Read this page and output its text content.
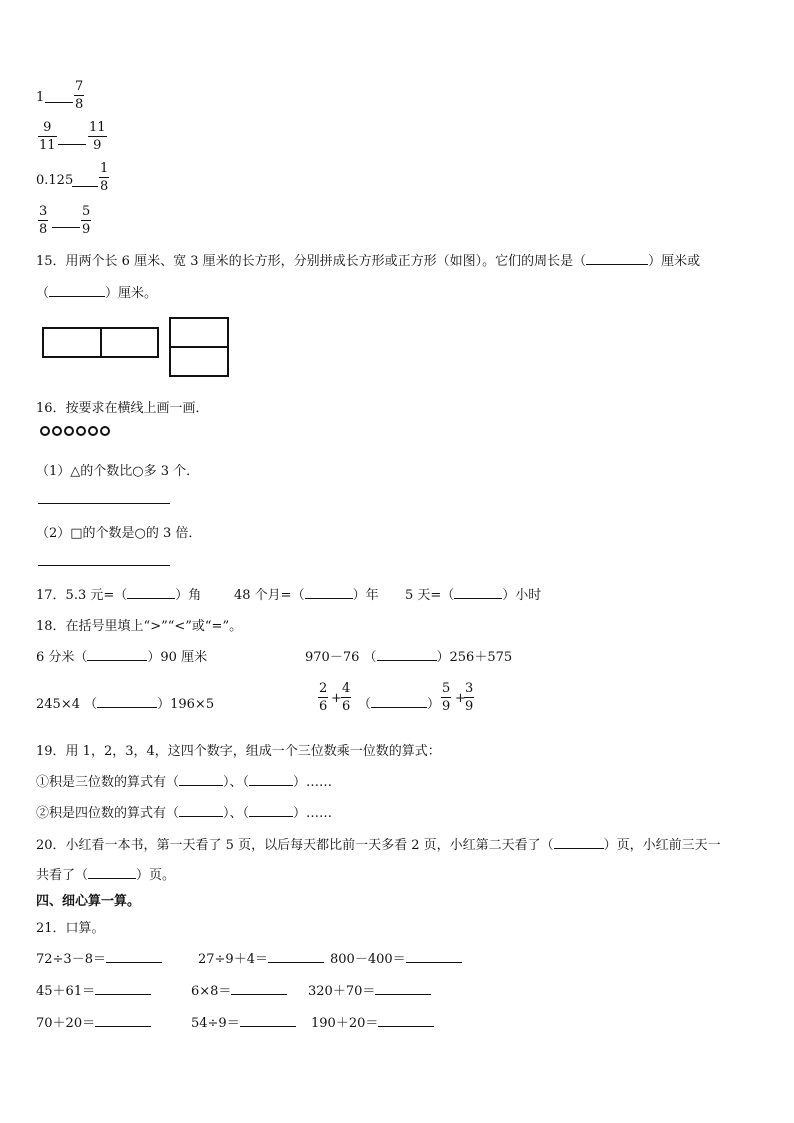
1
7
8
9
11
11
9
0.125
1
8
3
8
5
9
15．用两个长 6 厘米、宽 3 厘米的长方形，分别拼成长方形或正方形（如图）。它们的周长是（	）厘米或
（	）厘米。
16．按要求在横线上画一画．
（1）△的个数比○多 3 个．
（2）□的个数是○的 3 倍．
17．5.3 元=（	）角	48 个月=（	）年 5 天=（	）小时
18．在括号里填上“>”“<”或“=”。
6 分米（	）90 厘米	970－76 （	）256＋575
245×4 （	）196×5
2
6
+
4
6 （	）
5
9
+
3
9
19．用 1，2，3，4，这四个数字，组成一个三位数乘一位数的算式：
①积是三位数的算式有（	）、（	）……
②积是四位数的算式有（	）、（	）……
20．小红看一本书，第一天看了 5 页，以后每天都比前一天多看 2 页，小红第二天看了（	）页，小红前三天一
共看了（	）页。
四、细心算一算。
21．口算。
72÷3－8＝	27÷9＋4＝	800－400＝
45＋61＝	6×8＝	320＋70＝
70＋20＝	54÷9＝	190＋20＝
